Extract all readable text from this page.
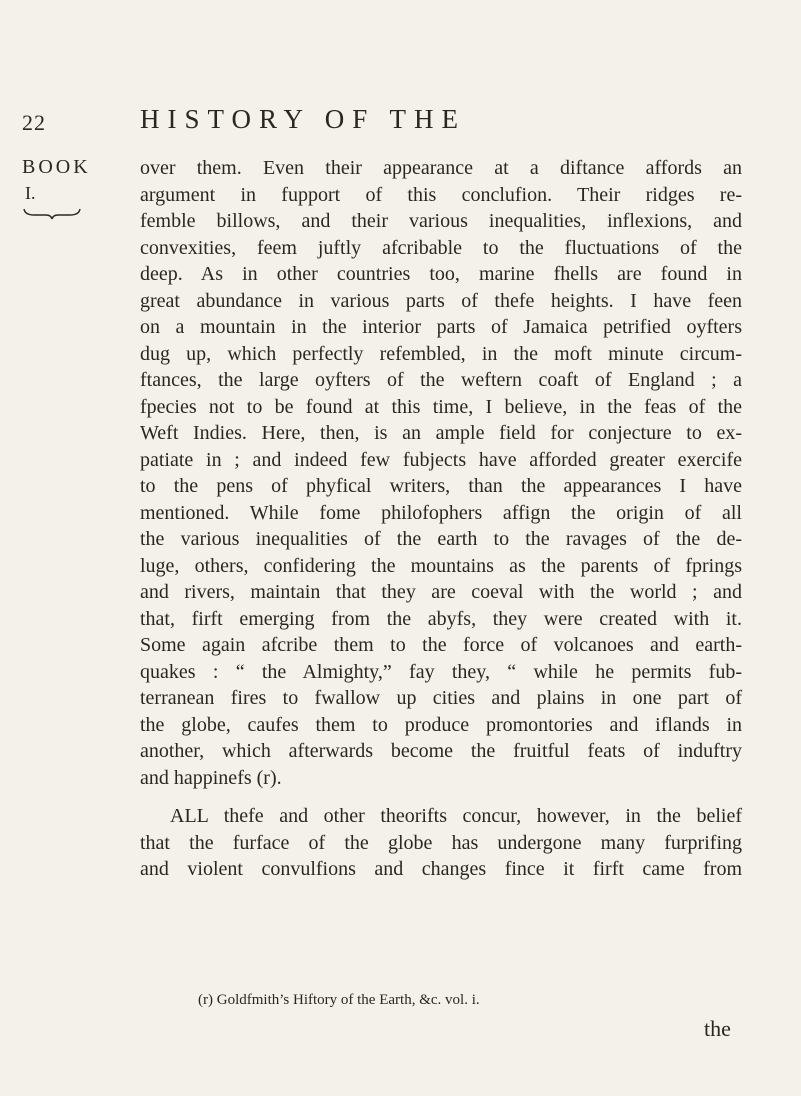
22	HISTORY OF THE
BOOK
I.
over them. Even their appearance at a diftance affords an
argument in fupport of this conclufion. Their ridges re-
femble billows, and their various inequalities, inflexions, and
convexities, feem juftly afcribable to the fluctuations of the
deep. As in other countries too, marine fhells are found in
great abundance in various parts of thefe heights. I have feen
on a mountain in the interior parts of Jamaica petrified oyfters
dug up, which perfectly refembled, in the moft minute circum-
ftances, the large oyfters of the weftern coaft of England ; a
fpecies not to be found at this time, I believe, in the feas of the
Weft Indies. Here, then, is an ample field for conjecture to ex-
patiate in ; and indeed few fubjects have afforded greater exercife
to the pens of phyfical writers, than the appearances I have
mentioned. While fome philofophers affign the origin of all
the various inequalities of the earth to the ravages of the de-
luge, others, confidering the mountains as the parents of fprings
and rivers, maintain that they are coeval with the world ; and
that, firft emerging from the abyfs, they were created with it.
Some again afcribe them to the force of volcanoes and earth-
quakes : “ the Almighty,” fay they, “ while he permits fub-
terranean fires to fwallow up cities and plains in one part of
the globe, caufes them to produce promontories and iflands in
another, which afterwards become the fruitful feats of induftry
and happinefs (r).
ALL thefe and other theorifts concur, however, in the belief
that the furface of the globe has undergone many furprifing
and violent convulfions and changes fince it firft came from
(r) Goldfmith’s Hiftory of the Earth, &c. vol. i.
the
